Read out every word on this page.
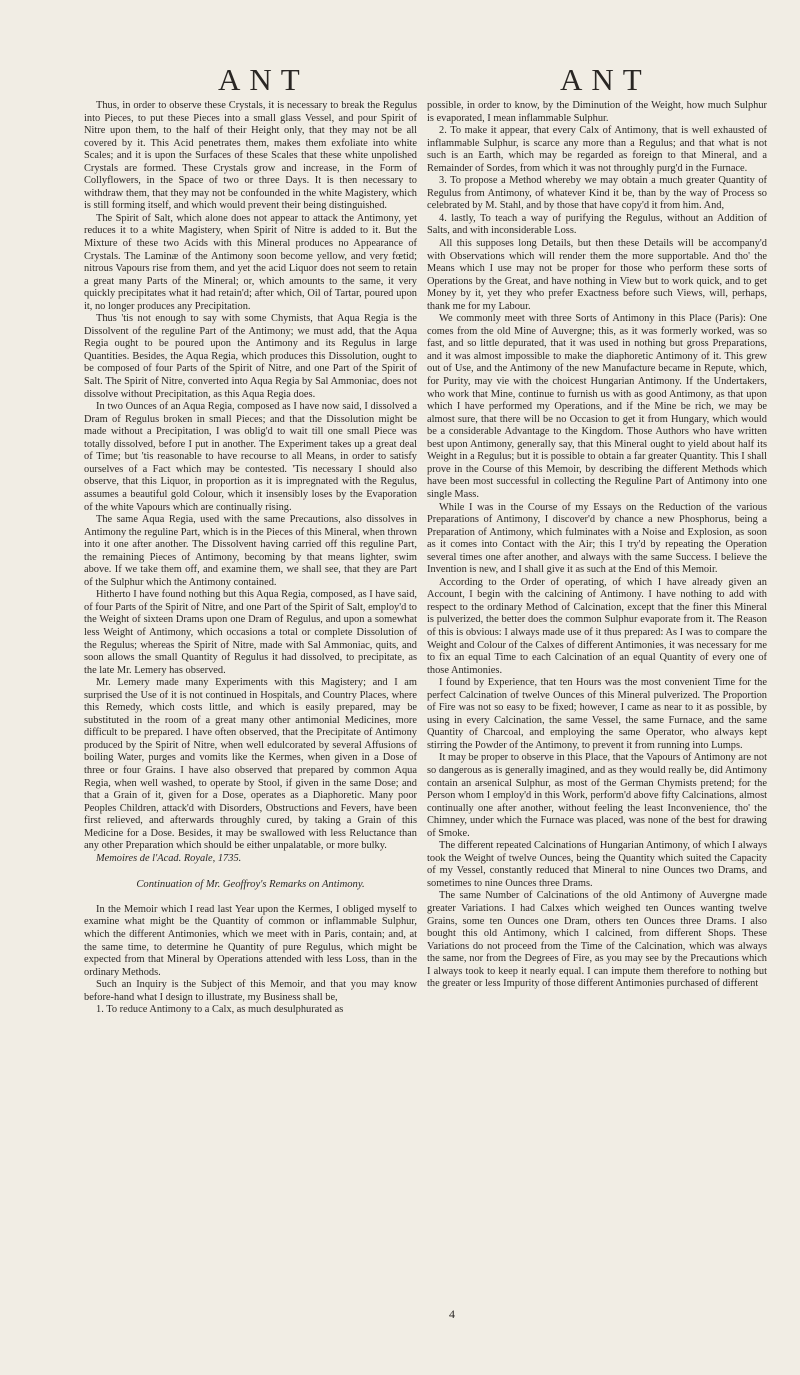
ANT	ANT

Thus, in order to observe these Crystals, it is necessary to break the Regulus into Pieces, to put these Pieces into a small glass Vessel, and pour Spirit of Nitre upon them, to the half of their Height only, that they may not be all covered by it. This Acid penetrates them, makes them exfoliate into white Scales; and it is upon the Surfaces of these Scales that these white unpolished Crystals are formed. These Crystals grow and increase, in the Form of Collyflowers, in the Space of two or three Days. It is then necessary to withdraw them, that they may not be confounded in the white Magistery, which is still forming itself, and which would prevent their being distinguished.

The Spirit of Salt, which alone does not appear to attack the Antimony, yet reduces it to a white Magistery, when Spirit of Nitre is added to it. But the Mixture of these two Acids with this Mineral produces no Appearance of Crystals. The Laminæ of the Antimony soon become yellow, and very fœtid; nitrous Vapours rise from them, and yet the acid Liquor does not seem to retain a great many Parts of the Mineral; or, which amounts to the same, it very quickly precipitates what it had retain'd; after which, Oil of Tartar, poured upon it, no longer produces any Precipitation.

Thus 'tis not enough to say with some Chymists, that Aqua Regia is the Dissolvent of the reguline Part of the Antimony; we must add, that the Aqua Regia ought to be poured upon the Antimony and its Regulus in large Quantities. Besides, the Aqua Regia, which produces this Dissolution, ought to be composed of four Parts of the Spirit of Nitre, and one Part of the Spirit of Salt. The Spirit of Nitre, converted into Aqua Regia by Sal Ammoniac, does not dissolve without Precipitation, as this Aqua Regia does.

In two Ounces of an Aqua Regia, composed as I have now said, I dissolved a Dram of Regulus broken in small Pieces; and that the Dissolution might be made without a Precipitation, I was oblig'd to wait till one small Piece was totally dissolved, before I put in another. The Experiment takes up a great deal of Time; but 'tis reasonable to have recourse to all Means, in order to satisfy ourselves of a Fact which may be contested. 'Tis necessary I should also observe, that this Liquor, in proportion as it is impregnated with the Regulus, assumes a beautiful gold Colour, which it insensibly loses by the Evaporation of the white Vapours which are continually rising.

The same Aqua Regia, used with the same Precautions, also dissolves in Antimony the reguline Part, which is in the Pieces of this Mineral, when thrown into it one after another. The Dissolvent having carried off this reguline Part, the remaining Pieces of Antimony, becoming by that means lighter, swim above. If we take them off, and examine them, we shall see, that they are Part of the Sulphur which the Antimony contained.

Hitherto I have found nothing but this Aqua Regia, composed, as I have said, of four Parts of the Spirit of Nitre, and one Part of the Spirit of Salt, employ'd to the Weight of sixteen Drams upon one Dram of Regulus, and upon a somewhat less Weight of Antimony, which occasions a total or complete Dissolution of the Regulus; whereas the Spirit of Nitre, made with Sal Ammoniac, quits, and soon allows the small Quantity of Regulus it had dissolved, to precipitate, as the late Mr. Lemery has observed.

Mr. Lemery made many Experiments with this Magistery; and I am surprised the Use of it is not continued in Hospitals, and Country Places, where this Remedy, which costs little, and which is easily prepared, may be substituted in the room of a great many other antimonial Medicines, more difficult to be prepared. I have often observed, that the Precipitate of Antimony produced by the Spirit of Nitre, when well edulcorated by several Affusions of boiling Water, purges and vomits like the Kermes, when given in a Dose of three or four Grains. I have also observed that prepared by common Aqua Regia, when well washed, to operate by Stool, if given in the same Dose; and that a Grain of it, given for a Dose, operates as a Diaphoretic. Many poor Peoples Children, attack'd with Disorders, Obstructions and Fevers, have been first relieved, and afterwards throughly cured, by taking a Grain of this Medicine for a Dose. Besides, it may be swallowed with less Reluctance than any other Preparation which should be either unpalatable, or more bulky.

Memoires de l'Acad. Royale, 1735.

Continuation of Mr. Geoffroy's Remarks on Antimony.

In the Memoir which I read last Year upon the Kermes, I obliged myself to examine what might be the Quantity of common or inflammable Sulphur, which the different Antimonies, which we meet with in Paris, contain; and, at the same time, to determine he Quantity of pure Regulus, which might be expected from that Mineral by Operations attended with less Loss, than in the ordinary Methods.

Such an Inquiry is the Subject of this Memoir, and that you may know before-hand what I design to illustrate, my Business shall be,

1. To reduce Antimony to a Calx, as much desulphurated as

possible, in order to know, by the Diminution of the Weight, how much Sulphur is evaporated, I mean inflammable Sulphur.

2. To make it appear, that every Calx of Antimony, that is well exhausted of inflammable Sulphur, is scarce any more than a Regulus; and that what is not such is an Earth, which may be regarded as foreign to that Mineral, and a Remainder of Sordes, from which it was not throughly purg'd in the Furnace.

3. To propose a Method whereby we may obtain a much greater Quantity of Regulus from Antimony, of whatever Kind it be, than by the way of Process so celebrated by M. Stahl, and by those that have copy'd it from him. And,

4. lastly, To teach a way of purifying the Regulus, without an Addition of Salts, and with inconsiderable Loss.

All this supposes long Details, but then these Details will be accompany'd with Observations which will render them the more supportable. And tho' the Means which I use may not be proper for those who perform these sorts of Operations by the Great, and have nothing in View but to work quick, and to get Money by it, yet they who prefer Exactness before such Views, will, perhaps, thank me for my Labour.

We commonly meet with three Sorts of Antimony in this Place (Paris): One comes from the old Mine of Auvergne; this, as it was formerly worked, was so fast, and so little depurated, that it was used in nothing but gross Preparations, and it was almost impossible to make the diaphoretic Antimony of it. This grew out of Use, and the Antimony of the new Manufacture became in Repute, which, for Purity, may vie with the choicest Hungarian Antimony. If the Undertakers, who work that Mine, continue to furnish us with as good Antimony, as that upon which I have performed my Operations, and if the Mine be rich, we may be almost sure, that there will be no Occasion to get it from Hungary, which would be a considerable Advantage to the Kingdom. Those Authors who have written best upon Antimony, generally say, that this Mineral ought to yield about half its Weight in a Regulus; but it is possible to obtain a far greater Quantity. This I shall prove in the Course of this Memoir, by describing the different Methods which have been most successful in collecting the Reguline Part of Antimony into one single Mass.

While I was in the Course of my Essays on the Reduction of the various Preparations of Antimony, I discover'd by chance a new Phosphorus, being a Preparation of Antimony, which fulminates with a Noise and Explosion, as soon as it comes into Contact with the Air; this I try'd by repeating the Operation several times one after another, and always with the same Success. I believe the Invention is new, and I shall give it as such at the End of this Memoir.

According to the Order of operating, of which I have already given an Account, I begin with the calcining of Antimony. I have nothing to add with respect to the ordinary Method of Calcination, except that the finer this Mineral is pulverized, the better does the common Sulphur evaporate from it. The Reason of this is obvious: I always made use of it thus prepared: As I was to compare the Weight and Colour of the Calxes of different Antimonies, it was necessary for me to fix an equal Time to each Calcination of an equal Quantity of every one of those Antimonies.

I found by Experience, that ten Hours was the most convenient Time for the perfect Calcination of twelve Ounces of this Mineral pulverized. The Proportion of Fire was not so easy to be fixed; however, I came as near to it as possible, by using in every Calcination, the same Vessel, the same Furnace, and the same Quantity of Charcoal, and employing the same Operator, who always kept stirring the Powder of the Antimony, to prevent it from running into Lumps.

It may be proper to observe in this Place, that the Vapours of Antimony are not so dangerous as is generally imagined, and as they would really be, did Antimony contain an arsenical Sulphur, as most of the German Chymists pretend; for the Person whom I employ'd in this Work, perform'd above fifty Calcinations, almost continually one after another, without feeling the least Inconvenience, tho' the Chimney, under which the Furnace was placed, was none of the best for drawing of Smoke.

The different repeated Calcinations of Hungarian Antimony, of which I always took the Weight of twelve Ounces, being the Quantity which suited the Capacity of my Vessel, constantly reduced that Mineral to nine Ounces two Drams, and sometimes to nine Ounces three Drams.

The same Number of Calcinations of the old Antimony of Auvergne made greater Variations. I had Calxes which weighed ten Ounces wanting twelve Grains, some ten Ounces one Dram, others ten Ounces three Drams. I also bought this old Antimony, which I calcined, from different Shops. These Variations do not proceed from the Time of the Calcination, which was always the same, nor from the Degrees of Fire, as you may see by the Precautions which I always took to keep it nearly equal. I can impute them therefore to nothing but the greater or less Impurity of those different Antimonies purchased of different

4
